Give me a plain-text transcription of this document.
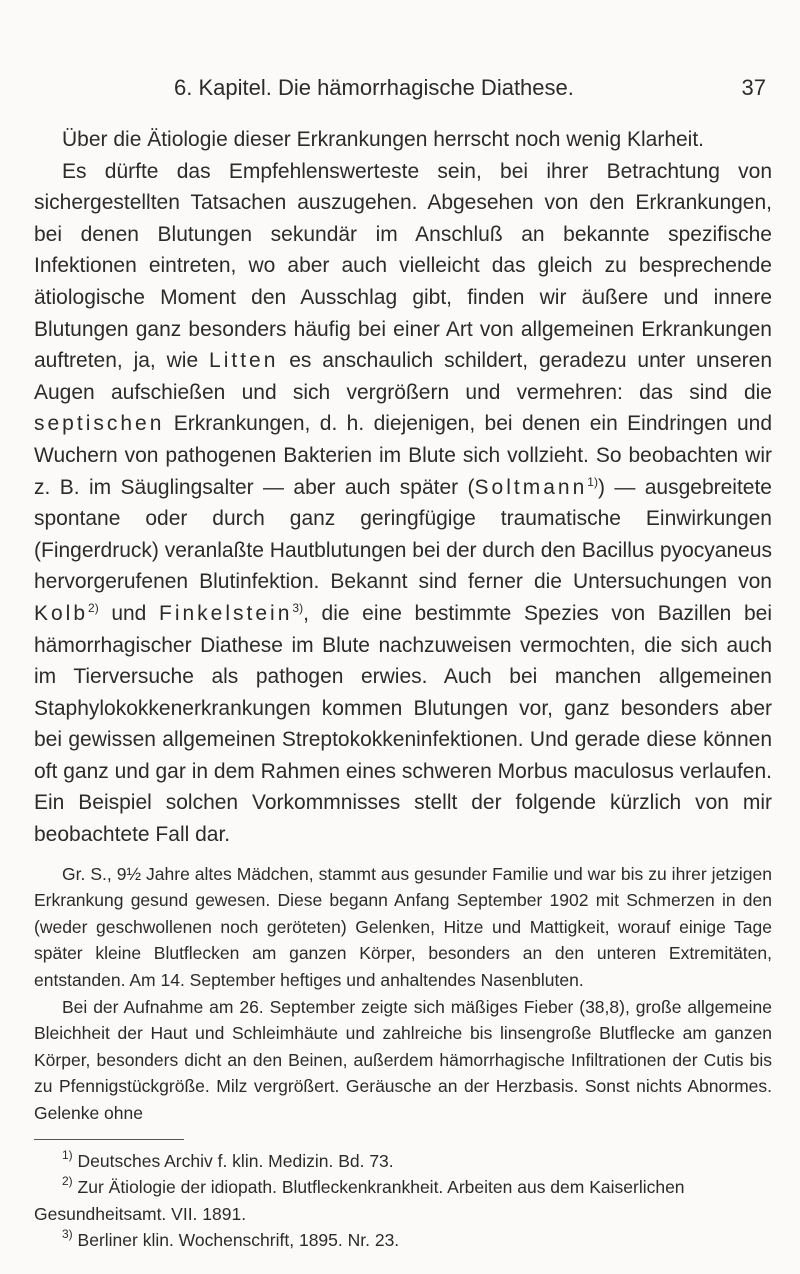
6. Kapitel. Die hämorrhagische Diathese.	37

Über die Ätiologie dieser Erkrankungen herrscht noch wenig Klarheit.

Es dürfte das Empfehlenswerteste sein, bei ihrer Betrachtung von sichergestellten Tatsachen auszugehen. Abgesehen von den Erkrankungen, bei denen Blutungen sekundär im Anschluß an bekannte spezifische Infektionen eintreten, wo aber auch vielleicht das gleich zu besprechende ätiologische Moment den Ausschlag gibt, finden wir äußere und innere Blutungen ganz besonders häufig bei einer Art von allgemeinen Erkrankungen auftreten, ja, wie Litten es anschaulich schildert, geradezu unter unseren Augen aufschießen und sich vergrößern und vermehren: das sind die septischen Erkrankungen, d. h. diejenigen, bei denen ein Eindringen und Wuchern von pathogenen Bakterien im Blute sich vollzieht. So beobachten wir z. B. im Säuglingsalter — aber auch später (Soltmann$^{1)}$) — ausgebreitete spontane oder durch ganz geringfügige traumatische Einwirkungen (Fingerdruck) veranlaßte Hautblutungen bei der durch den Bacillus pyocyaneus hervorgerufenen Blutinfektion. Bekannt sind ferner die Untersuchungen von Kolb$^{2)}$ und Finkelstein$^{3)}$, die eine bestimmte Spezies von Bazillen bei hämorrhagischer Diathese im Blute nachzuweisen vermochten, die sich auch im Tierversuche als pathogen erwies. Auch bei manchen allgemeinen Staphylokokkenerkrankungen kommen Blutungen vor, ganz besonders aber bei gewissen allgemeinen Streptokokkeninfektionen. Und gerade diese können oft ganz und gar in dem Rahmen eines schweren Morbus maculosus verlaufen. Ein Beispiel solchen Vorkommnisses stellt der folgende kürzlich von mir beobachtete Fall dar.

Gr. S., 9½ Jahre altes Mädchen, stammt aus gesunder Familie und war bis zu ihrer jetzigen Erkrankung gesund gewesen. Diese begann Anfang September 1902 mit Schmerzen in den (weder geschwollenen noch geröteten) Gelenken, Hitze und Mattigkeit, worauf einige Tage später kleine Blutflecken am ganzen Körper, besonders an den unteren Extremitäten, entstanden. Am 14. September heftiges und anhaltendes Nasenbluten.

Bei der Aufnahme am 26. September zeigte sich mäßiges Fieber (38,8), große allgemeine Bleichheit der Haut und Schleimhäute und zahlreiche bis linsengroße Blutflecke am ganzen Körper, besonders dicht an den Beinen, außerdem hämorrhagische Infiltrationen der Cutis bis zu Pfennigstückgröße. Milz vergrößert. Geräusche an der Herzbasis. Sonst nichts Abnormes. Gelenke ohne

$^{1)}$ Deutsches Archiv f. klin. Medizin. Bd. 73.

$^{2)}$ Zur Ätiologie der idiopath. Blutfleckenkrankheit. Arbeiten aus dem Kaiserlichen Gesundheitsamt. VII. 1891.

$^{3)}$ Berliner klin. Wochenschrift, 1895. Nr. 23.
